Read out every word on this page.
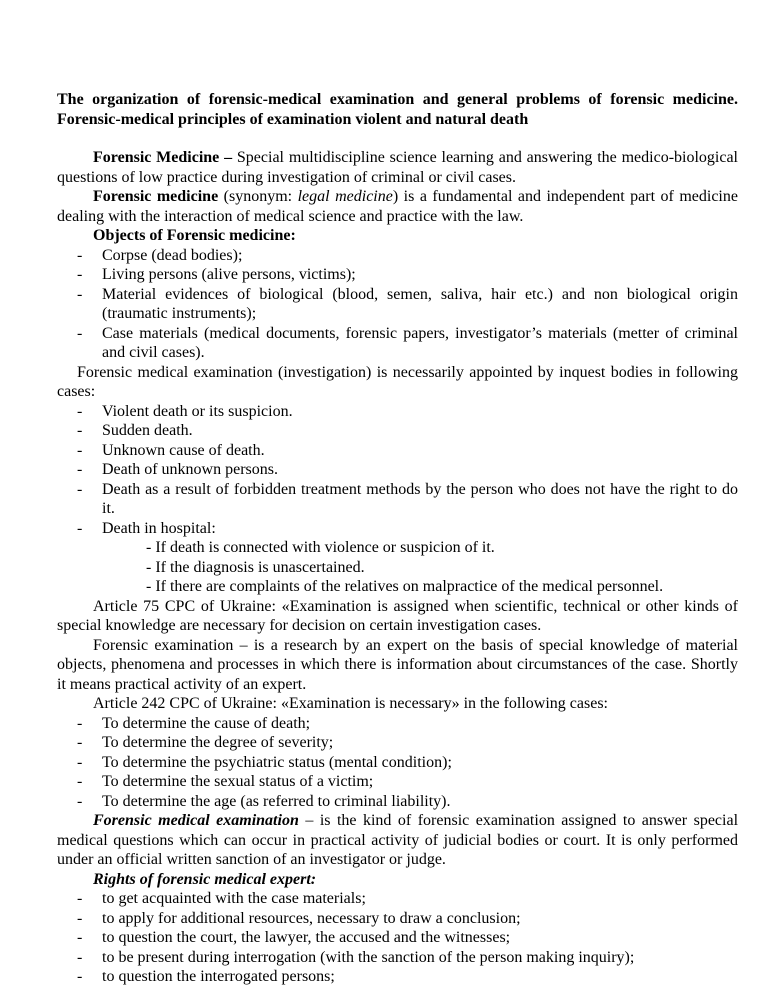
The organization of forensic-medical examination and general problems of forensic medicine. Forensic-medical principles of examination violent and natural death

Forensic Medicine – Special multidiscipline science learning and answering the medico-biological questions of low practice during investigation of criminal or civil cases.

Forensic medicine (synonym: legal medicine) is a fundamental and independent part of medicine dealing with the interaction of medical science and practice with the law.

Objects of Forensic medicine:

- Corpse (dead bodies);
- Living persons (alive persons, victims);
- Material evidences of biological (blood, semen, saliva, hair etc.) and non biological origin (traumatic instruments);
- Case materials (medical documents, forensic papers, investigator’s materials (metter of criminal and civil cases).

Forensic medical examination (investigation) is necessarily appointed by inquest bodies in following cases:

- Violent death or its suspicion.
- Sudden death.
- Unknown cause of death.
- Death of unknown persons.
- Death as a result of forbidden treatment methods by the person who does not have the right to do it.
- Death in hospital:

- If death is connected with violence or suspicion of it.

- If the diagnosis is unascertained.

- If there are complaints of the relatives on malpractice of the medical personnel.

Article 75 CPC of Ukraine: «Examination is assigned when scientific, technical or other kinds of special knowledge are necessary for decision on certain investigation cases.

Forensic examination – is a research by an expert on the basis of special knowledge of material objects, phenomena and processes in which there is information about circumstances of the case. Shortly it means practical activity of an expert.

Article 242 CPC of Ukraine: «Examination is necessary» in the following cases:

- To determine the cause of death;
- To determine the degree of severity;
- To determine the psychiatric status (mental condition);
- To determine the sexual status of a victim;
- To determine the age (as referred to criminal liability).

Forensic medical examination – is the kind of forensic examination assigned to answer special medical questions which can occur in practical activity of judicial bodies or court. It is only performed under an official written sanction of an investigator or judge.

Rights of forensic medical expert:

- to get acquainted with the case materials;
- to apply for additional resources, necessary to draw a conclusion;
- to question the court, the lawyer, the accused and the witnesses;
- to be present during interrogation (with the sanction of the person making inquiry);
- to question the interrogated persons;
